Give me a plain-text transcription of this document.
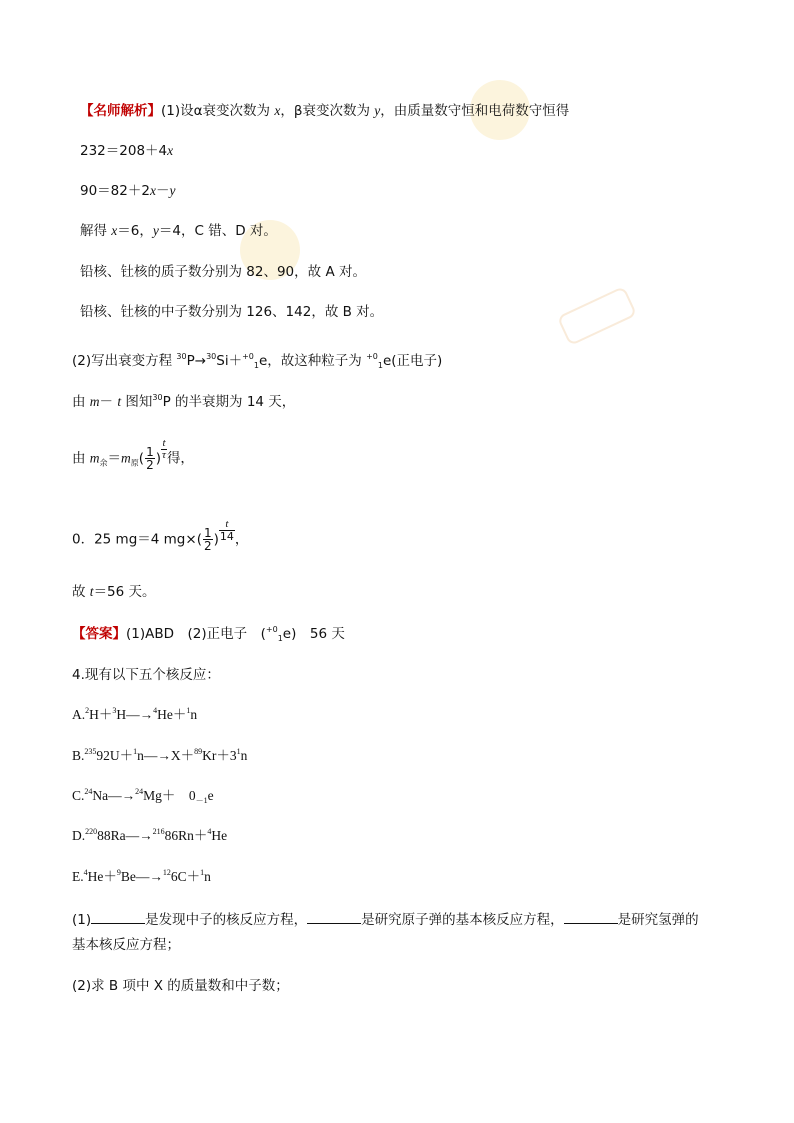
【名师解析】(1)设α衰变次数为 x，β衰变次数为 y，由质量数守恒和电荷数守恒得
232＝208＋4x
90＝82＋2x－y
解得 x＝6，y＝4，C 错、D 对。
铅核、钍核的质子数分别为 82、90，故 A 对。
铅核、钍核的中子数分别为 126、142，故 B 对。
(2)写出衰变方程 $^{30}$P→$^{30}$Si＋$^{+0}_1$e，故这种粒子为 $^{+0}_1$e(正电子)
由 m－ t 图知$^{30}$P 的半衰期为 14 天，
由 $m_余=m_原( \frac{1}{2}$ ) $\frac{t}{\tau}$ 得，
0．25 mg＝4 $mg\times( \frac{1}{2}$ ) $\frac{t}{14}$ ，
故 t＝56 天。
【答案】(1)ABD　(2)正电子　($^{+0}_1$e)　56 天
4.现有以下五个核反应：
A.$^2$H＋$^3$H―→$^4$He＋$^1$n
$B.^{235}92U+^1n―\to X+^{89}Kr+3^1n$
C.$^{24}$Na―→$^{24}$Mg＋　$0_{-1}e$
D.$^{220}$88Ra―→$^{216}$86Rn＋$^4$He
E.$^4$He＋$^9$Be―→$^{12}$6C＋$^1$n
(1)	是发现中子的核反应方程，	是研究原子弹的基本核反应方程，	是研究氢弹的
基本核反应方程；
(2)求 B 项中 X 的质量数和中子数；
